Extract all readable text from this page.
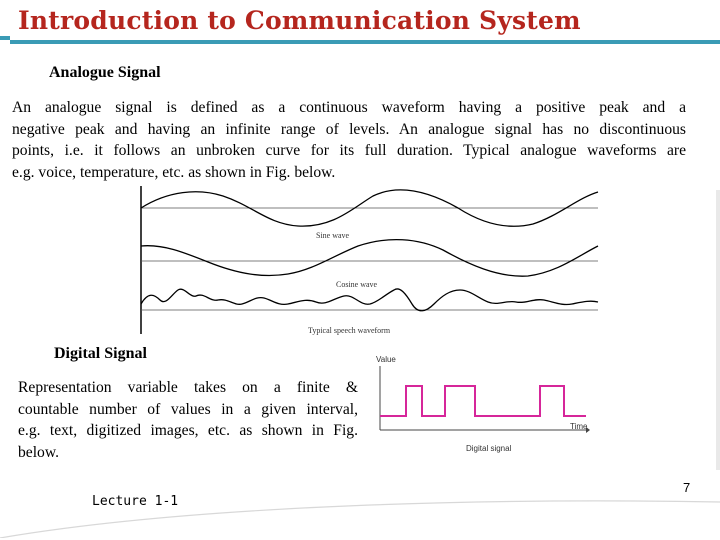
Introduction to Communication System
Analogue Signal
An analogue signal is defined as a continuous waveform having a positive peak and a
negative peak and having an infinite range of levels. An analogue signal has no discontinuous
points, i.e. it follows an unbroken curve for its full duration. Typical analogue waveforms are
e.g. voice, temperature, etc. as shown in Fig. below.
Sine wave
Cosine wave
Typical speech waveform
Digital Signal
Representation variable takes on a finite &
countable number of values in a given interval,
e.g. text, digitized images, etc. as shown in Fig.
below.
Value
Time
Digital signal
Lecture 1-1
7
